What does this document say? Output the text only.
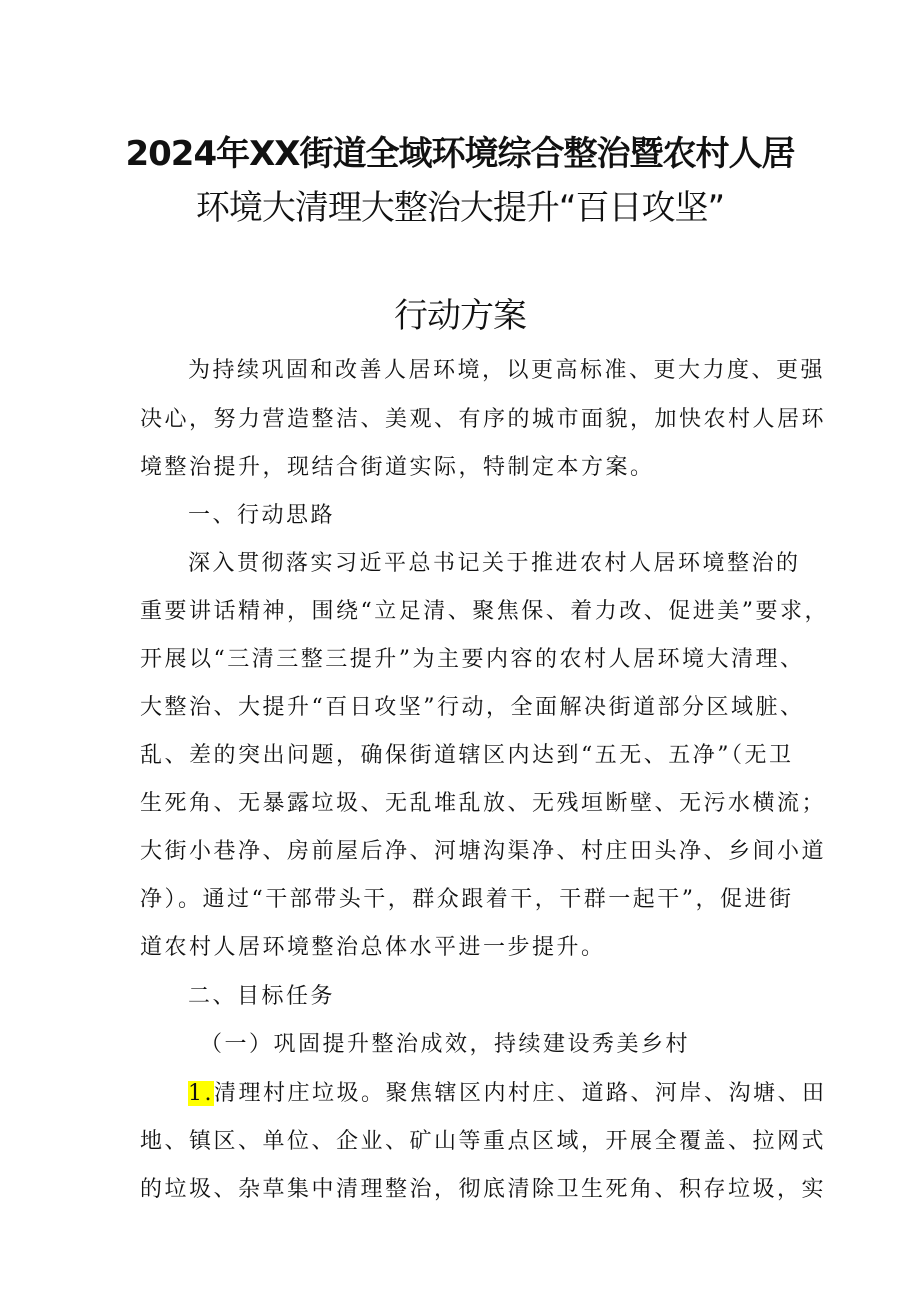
2024年XX街道全域环境综合整治暨农村人居
环境大清理大整治大提升“百日攻坚”
行动方案
为持续巩固和改善人居环境，以更高标准、更大力度、更强
决心，努力营造整洁、美观、有序的城市面貌，加快农村人居环
境整治提升，现结合街道实际，特制定本方案。
一、行动思路
深入贯彻落实习近平总书记关于推进农村人居环境整治的
重要讲话精神，围绕“立足清、聚焦保、着力改、促进美”要求，
开展以“三清三整三提升”为主要内容的农村人居环境大清理、
大整治、大提升“百日攻坚”行动，全面解决街道部分区域脏、
乱、差的突出问题，确保街道辖区内达到“五无、五净”（无卫
生死角、无暴露垃圾、无乱堆乱放、无残垣断壁、无污水横流；
大街小巷净、房前屋后净、河塘沟渠净、村庄田头净、乡间小道
净）。通过“干部带头干，群众跟着干，干群一起干”，促进街
道农村人居环境整治总体水平进一步提升。
二、目标任务
（一）巩固提升整治成效，持续建设秀美乡村
1.清理村庄垃圾。聚焦辖区内村庄、道路、河岸、沟塘、田
地、镇区、单位、企业、矿山等重点区域，开展全覆盖、拉网式
的垃圾、杂草集中清理整治，彻底清除卫生死角、积存垃圾，实
